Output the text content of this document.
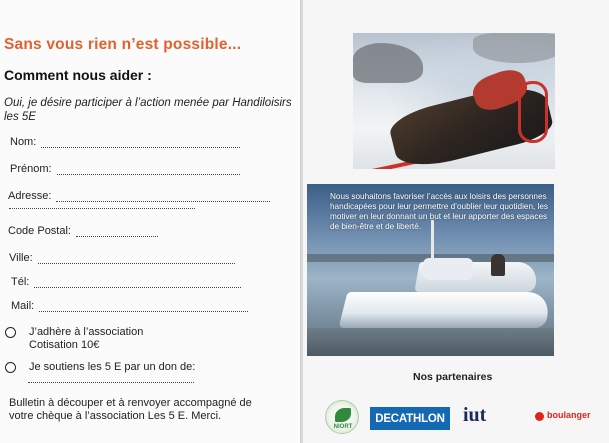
Sans vous rien n’est possible...
Comment nous aider :
Oui, je désire participer à l’action menée par Handiloisirs les 5E
Nom:
Prénom:
Adresse:
Code Postal:
Ville:
Tél:
Mail:
J’adhère à l’association
Cotisation 10€
Je soutiens les 5 E par un don de:
Bulletin à découper et à renvoyer accompagné de votre chèque à l’association Les 5 E. Merci.
Nous souhaitons favoriser l’accès aux loisirs des personnes handicapées pour leur permettre d’oublier leur quotidien, les motiver en leur donnant un but et leur apporter des espaces de bien-être et de liberté.
Nos partenaires
NIORT
DECATHLON iut	boulanger
